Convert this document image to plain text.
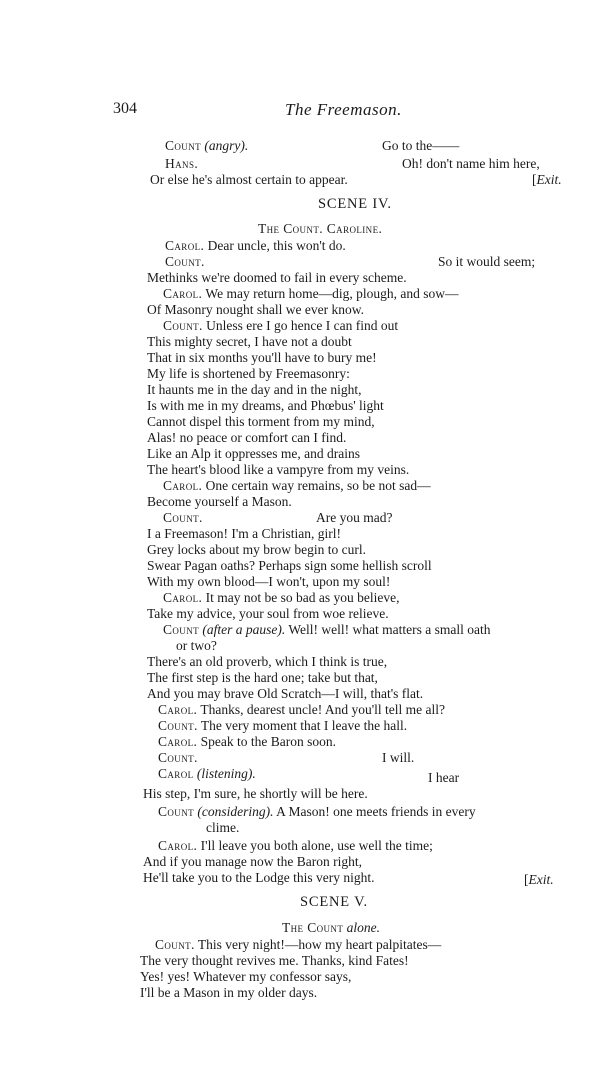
304	The Freemason.
Count (angry).	Go to the——
Hans.	Oh! don't name him here,
Or else he's almost certain to appear.	[Exit.
SCENE IV.
The Count. Caroline.
Carol. Dear uncle, this won't do.
Count.	So it would seem;
Methinks we're doomed to fail in every scheme.
Carol. We may return home—dig, plough, and sow—
Of Masonry nought shall we ever know.
Count. Unless ere I go hence I can find out
This mighty secret, I have not a doubt
That in six months you'll have to bury me!
My life is shortened by Freemasonry:
It haunts me in the day and in the night,
Is with me in my dreams, and Phœbus' light
Cannot dispel this torment from my mind,
Alas! no peace or comfort can I find.
Like an Alp it oppresses me, and drains
The heart's blood like a vampyre from my veins.
Carol. One certain way remains, so be not sad—
Become yourself a Mason.
Count.	Are you mad?
I a Freemason! I'm a Christian, girl!
Grey locks about my brow begin to curl.
Swear Pagan oaths? Perhaps sign some hellish scroll
With my own blood—I won't, upon my soul!
Carol. It may not be so bad as you believe,
Take my advice, your soul from woe relieve.
Count (after a pause). Well! well! what matters a small oath
or two?
There's an old proverb, which I think is true,
The first step is the hard one; take but that,
And you may brave Old Scratch—I will, that's flat.
Carol. Thanks, dearest uncle! And you'll tell me all?
Count. The very moment that I leave the hall.
Carol. Speak to the Baron soon.
Count.	I will.
Carol (listening).	I hear
His step, I'm sure, he shortly will be here.
Count (considering). A Mason! one meets friends in every
clime.
Carol. I'll leave you both alone, use well the time;
And if you manage now the Baron right,
He'll take you to the Lodge this very night.	[Exit.
SCENE V.
The Count alone.
Count. This very night!—how my heart palpitates—
The very thought revives me. Thanks, kind Fates!
Yes! yes! Whatever my confessor says,
I'll be a Mason in my older days.
